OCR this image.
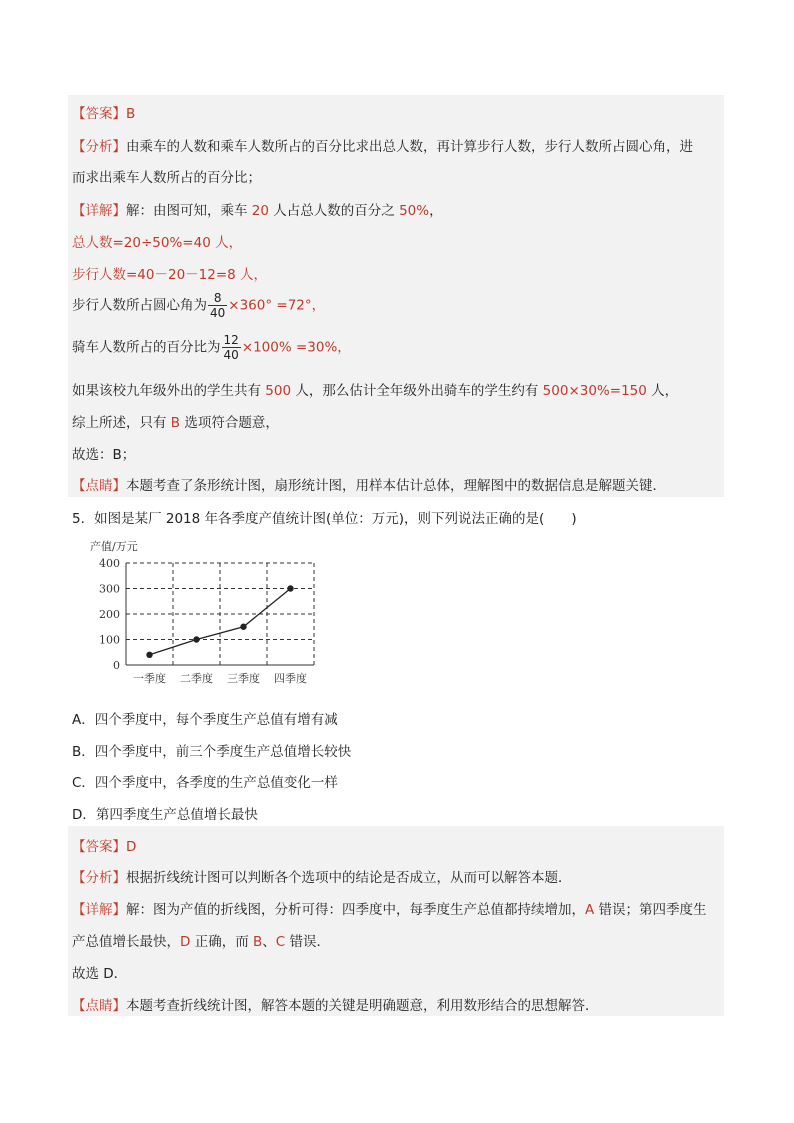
【答案】B
【分析】由乘车的人数和乘车人数所占的百分比求出总人数，再计算步行人数，步行人数所占圆心角，进
而求出乘车人数所占的百分比；
【详解】解：由图可知，乘车 20 人占总人数的百分之 50%，
总人数=20÷50%=40 人，
步行人数=40－20－12=8 人，
步行人数所占圆心角为 $\frac{8}{40} \times 360^\circ =72^\circ$，
骑车人数所占的百分比为 $\frac{12}{40} \times 100\% =30\%$，
如果该校九年级外出的学生共有 500 人，那么估计全年级外出骑车的学生约有 500×30%=150 人，
综上所述，只有 B 选项符合题意，
故选：B；
【点睛】本题考查了条形统计图，扇形统计图，用样本估计总体，理解图中的数据信息是解题关键．
5．如图是某厂 2018 年各季度产值统计图(单位：万元)，则下列说法正确的是(　　)
产值/万元
0
100
200
300
400
一季度 二季度 三季度 四季度
A．四个季度中，每个季度生产总值有增有减
B．四个季度中，前三个季度生产总值增长较快
C．四个季度中，各季度的生产总值变化一样
D．第四季度生产总值增长最快
【答案】D
【分析】根据折线统计图可以判断各个选项中的结论是否成立，从而可以解答本题．
【详解】解：图为产值的折线图，分析可得：四季度中，每季度生产总值都持续增加，A 错误；第四季度生
产总值增长最快，D 正确，而 B、C 错误．
故选 D．
【点睛】本题考查折线统计图，解答本题的关键是明确题意，利用数形结合的思想解答．
